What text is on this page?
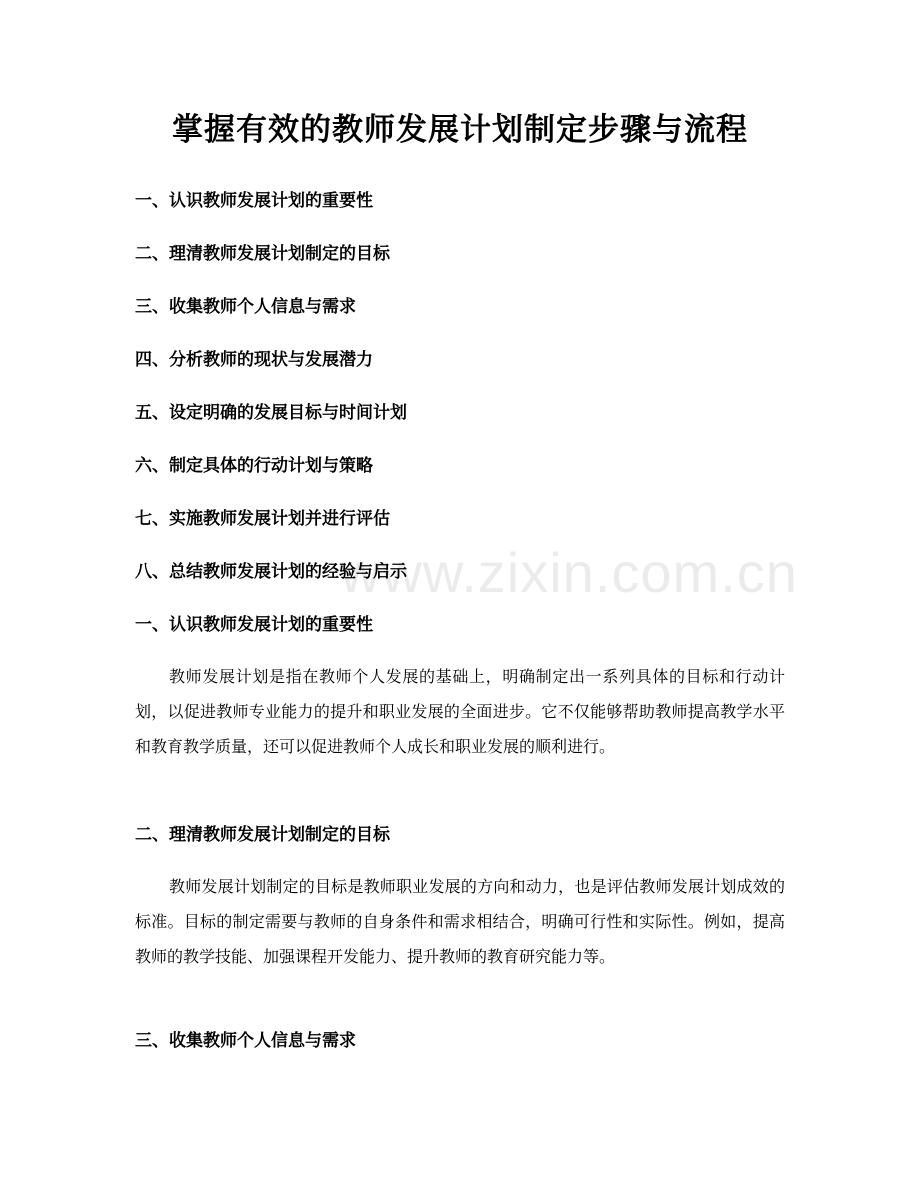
掌握有效的教师发展计划制定步骤与流程
一、认识教师发展计划的重要性
二、理清教师发展计划制定的目标
三、收集教师个人信息与需求
四、分析教师的现状与发展潜力
五、设定明确的发展目标与时间计划
六、制定具体的行动计划与策略
七、实施教师发展计划并进行评估
八、总结教师发展计划的经验与启示
一、认识教师发展计划的重要性
教师发展计划是指在教师个人发展的基础上，明确制定出一系列具体的目标和行动计划，以促进教师专业能力的提升和职业发展的全面进步。它不仅能够帮助教师提高教学水平和教育教学质量，还可以促进教师个人成长和职业发展的顺利进行。
二、理清教师发展计划制定的目标
教师发展计划制定的目标是教师职业发展的方向和动力，也是评估教师发展计划成效的标准。目标的制定需要与教师的自身条件和需求相结合，明确可行性和实际性。例如，提高教师的教学技能、加强课程开发能力、提升教师的教育研究能力等。
三、收集教师个人信息与需求
www.zixin.com.cn
